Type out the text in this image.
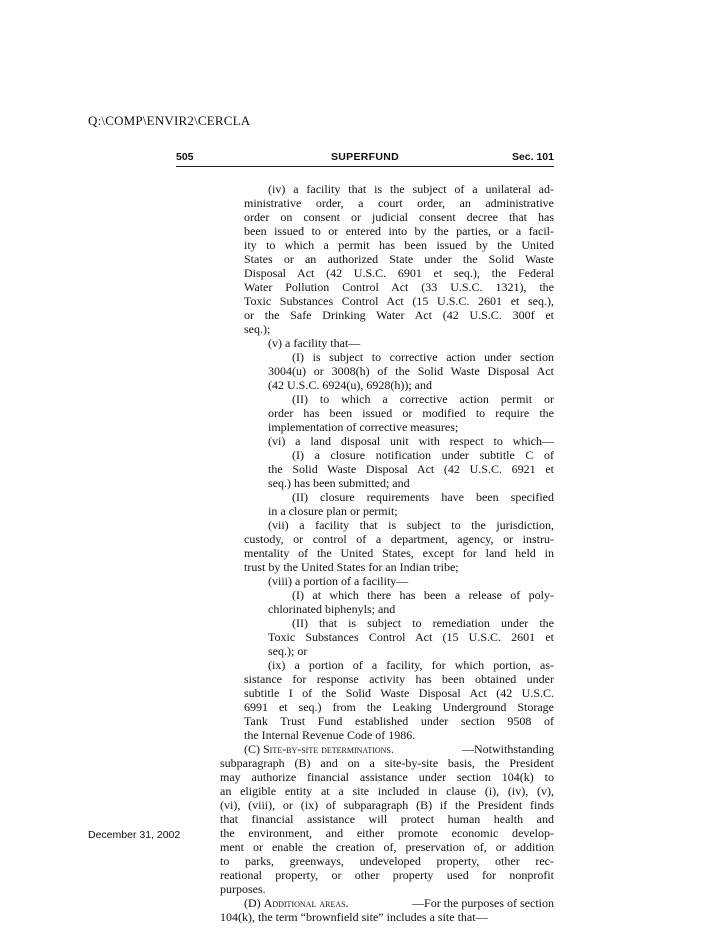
Q:\COMP\ENVIR2\CERCLA
505	SUPERFUND	Sec. 101
(iv) a facility that is the subject of a unilateral ad-
ministrative order, a court order, an administrative
order on consent or judicial consent decree that has
been issued to or entered into by the parties, or a facil-
ity to which a permit has been issued by the United
States or an authorized State under the Solid Waste
Disposal Act (42 U.S.C. 6901 et seq.), the Federal
Water Pollution Control Act (33 U.S.C. 1321), the
Toxic Substances Control Act (15 U.S.C. 2601 et seq.),
or the Safe Drinking Water Act (42 U.S.C. 300f et
seq.);
(v) a facility that—
(I) is subject to corrective action under section
3004(u) or 3008(h) of the Solid Waste Disposal Act
(42 U.S.C. 6924(u), 6928(h)); and
(II) to which a corrective action permit or
order has been issued or modified to require the
implementation of corrective measures;
(vi) a land disposal unit with respect to which—
(I) a closure notification under subtitle C of
the Solid Waste Disposal Act (42 U.S.C. 6921 et
seq.) has been submitted; and
(II) closure requirements have been specified
in a closure plan or permit;
(vii) a facility that is subject to the jurisdiction,
custody, or control of a department, agency, or instru-
mentality of the United States, except for land held in
trust by the United States for an Indian tribe;
(viii) a portion of a facility—
(I) at which there has been a release of poly-
chlorinated biphenyls; and
(II) that is subject to remediation under the
Toxic Substances Control Act (15 U.S.C. 2601 et
seq.); or
(ix) a portion of a facility, for which portion, as-
sistance for response activity has been obtained under
subtitle I of the Solid Waste Disposal Act (42 U.S.C.
6991 et seq.) from the Leaking Underground Storage
Tank Trust Fund established under section 9508 of
the Internal Revenue Code of 1986.
(C) Site-by-site determinations.	—Notwithstanding
subparagraph (B) and on a site-by-site basis, the President
may authorize financial assistance under section 104(k) to
an eligible entity at a site included in clause (i), (iv), (v),
(vi), (viii), or (ix) of subparagraph (B) if the President finds
that financial assistance will protect human health and
the environment, and either promote economic develop-
ment or enable the creation of, preservation of, or addition
to parks, greenways, undeveloped property, other rec-
reational property, or other property used for nonprofit
purposes.
(D) Additional areas.	—For the purposes of section
104(k), the term “brownfield site” includes a site that—
December 31, 2002
